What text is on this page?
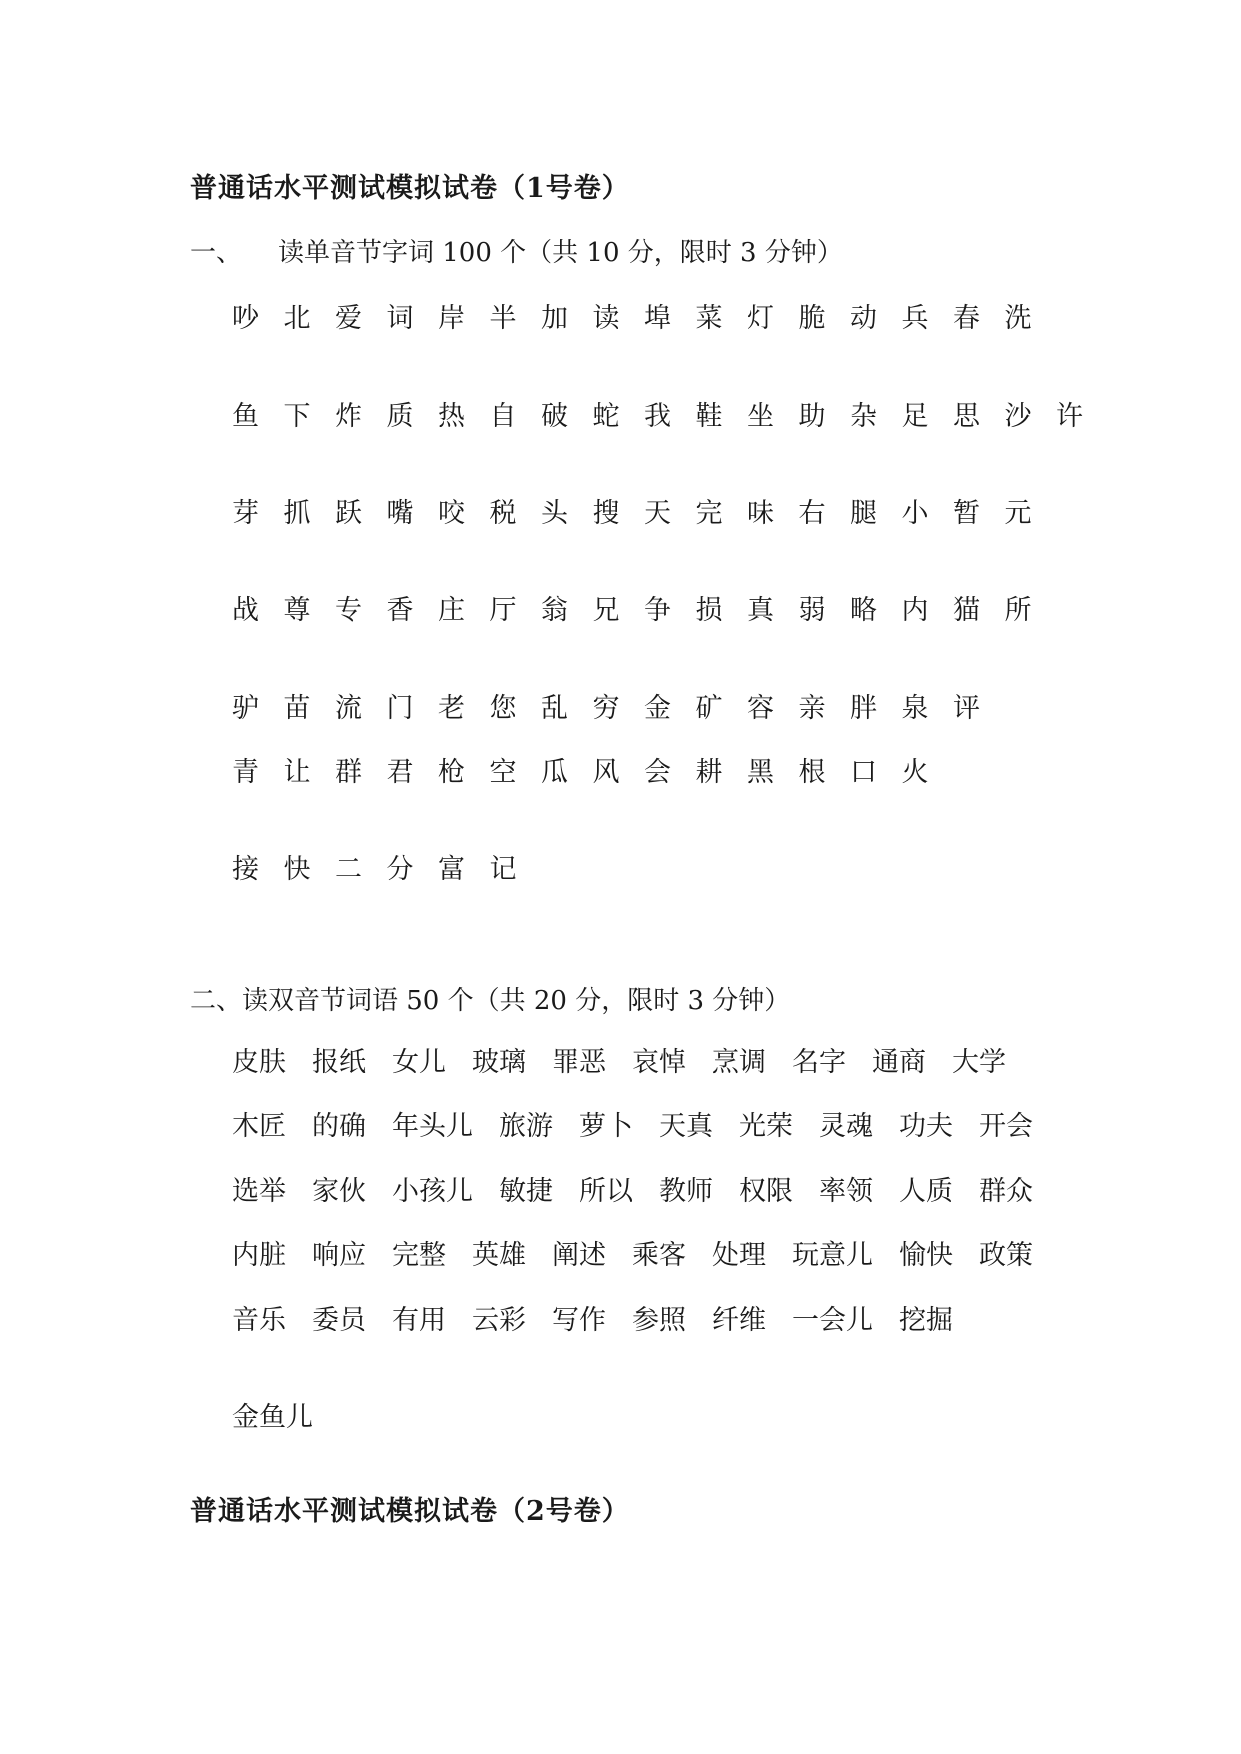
普通话水平测试模拟试卷（1号卷）
一、 读单音节字词 100 个（共 10 分，限时 3 分钟）
吵 北 爱 词 岸 半 加 读 埠 菜 灯 脆 动 兵 春 洗
鱼 下 炸 质 热 自 破 蛇 我 鞋 坐 助 杂 足 思 沙 许
芽 抓 跃 嘴 咬 税 头 搜 天 完 味 右 腿 小 暂 元
战 尊 专 香 庄 厅 翁 兄 争 损 真 弱 略 内 猫 所
驴 苗 流 门 老 您 乱 穷 金 矿 容 亲 胖 泉 评
青 让 群 君 枪 空 瓜 风 会 耕 黑 根 口 火
接 快 二 分 富 记
二、读双音节词语 50 个（共 20 分，限时 3 分钟）
皮肤 报纸 女儿 玻璃 罪恶 哀悼 烹调 名字 通商 大学
木匠 的确 年头儿 旅游 萝卜 天真 光荣 灵魂 功夫 开会
选举 家伙 小孩儿 敏捷 所以 教师 权限 率领 人质 群众
内脏 响应 完整 英雄 阐述 乘客 处理 玩意儿 愉快 政策
音乐 委员 有用 云彩 写作 参照 纤维 一会儿 挖掘
金鱼儿
普通话水平测试模拟试卷（2号卷）
